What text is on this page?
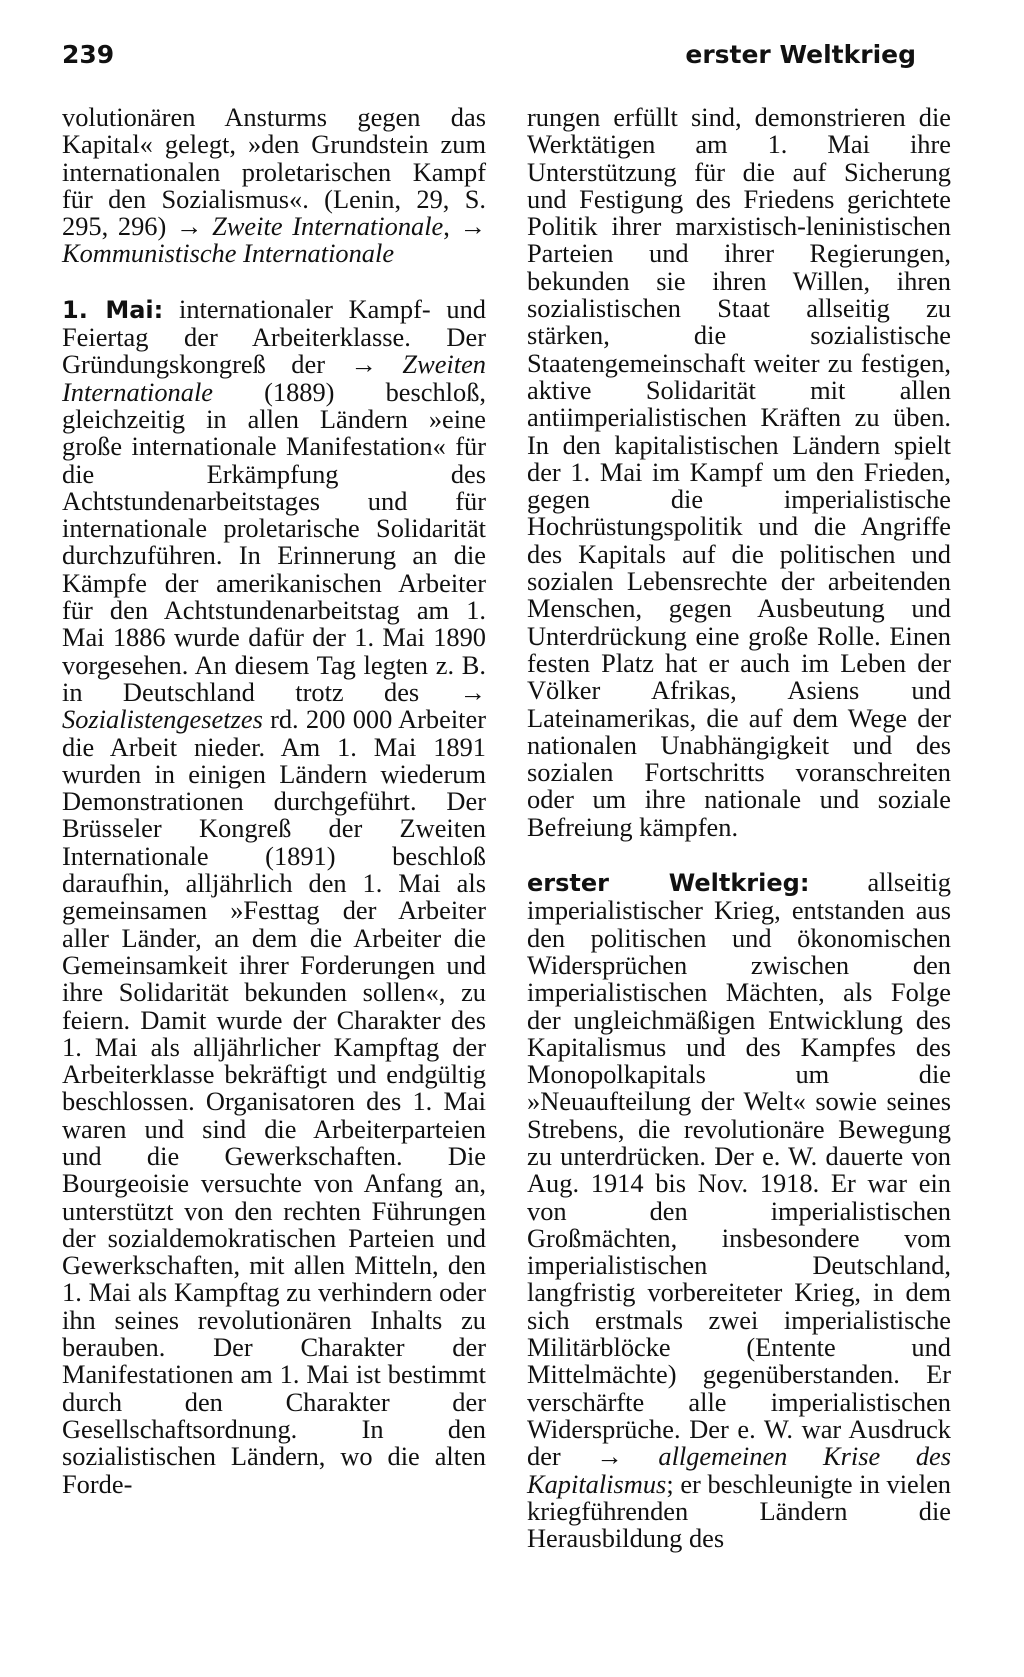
239	erster Weltkrieg

volutionären Ansturms gegen das Kapital« gelegt, »den Grundstein zum internationalen proletarischen Kampf für den Sozialismus«. (Lenin, 29, S. 295, 296) → Zweite Internationale, → Kommunistische Internationale

1. Mai: internationaler Kampf- und Feiertag der Arbeiterklasse. Der Gründungskongreß der → Zweiten Internationale (1889) beschloß, gleichzeitig in allen Ländern »eine große internationale Manifestation« für die Erkämpfung des Achtstundenarbeitstages und für internationale proletarische Solidarität durchzuführen. In Erinnerung an die Kämpfe der amerikanischen Arbeiter für den Achtstundenarbeitstag am 1. Mai 1886 wurde dafür der 1. Mai 1890 vorgesehen. An diesem Tag legten z. B. in Deutschland trotz des → Sozialistengesetzes rd. 200 000 Arbeiter die Arbeit nieder. Am 1. Mai 1891 wurden in einigen Ländern wiederum Demonstrationen durchgeführt. Der Brüsseler Kongreß der Zweiten Internationale (1891) beschloß daraufhin, alljährlich den 1. Mai als gemeinsamen »Festtag der Arbeiter aller Länder, an dem die Arbeiter die Gemeinsamkeit ihrer Forderungen und ihre Solidarität bekunden sollen«, zu feiern. Damit wurde der Charakter des 1. Mai als alljährlicher Kampftag der Arbeiterklasse bekräftigt und endgültig beschlossen. Organisatoren des 1. Mai waren und sind die Arbeiterparteien und die Gewerkschaften. Die Bourgeoisie versuchte von Anfang an, unterstützt von den rechten Führungen der sozialdemokratischen Parteien und Gewerkschaften, mit allen Mitteln, den 1. Mai als Kampftag zu verhindern oder ihn seines revolutionären Inhalts zu berauben. Der Charakter der Manifestationen am 1. Mai ist bestimmt durch den Charakter der Gesellschaftsordnung. In den sozialistischen Ländern, wo die alten Forde-

rungen erfüllt sind, demonstrieren die Werktätigen am 1. Mai ihre Unterstützung für die auf Sicherung und Festigung des Friedens gerichtete Politik ihrer marxistisch-leninistischen Parteien und ihrer Regierungen, bekunden sie ihren Willen, ihren sozialistischen Staat allseitig zu stärken, die sozialistische Staatengemeinschaft weiter zu festigen, aktive Solidarität mit allen antiimperialistischen Kräften zu üben. In den kapitalistischen Ländern spielt der 1. Mai im Kampf um den Frieden, gegen die imperialistische Hochrüstungspolitik und die Angriffe des Kapitals auf die politischen und sozialen Lebensrechte der arbeitenden Menschen, gegen Ausbeutung und Unterdrückung eine große Rolle. Einen festen Platz hat er auch im Leben der Völker Afrikas, Asiens und Lateinamerikas, die auf dem Wege der nationalen Unabhängigkeit und des sozialen Fortschritts voranschreiten oder um ihre nationale und soziale Befreiung kämpfen.

erster Weltkrieg: allseitig imperialistischer Krieg, entstanden aus den politischen und ökonomischen Widersprüchen zwischen den imperialistischen Mächten, als Folge der ungleichmäßigen Entwicklung des Kapitalismus und des Kampfes des Monopolkapitals um die »Neuaufteilung der Welt« sowie seines Strebens, die revolutionäre Bewegung zu unterdrücken. Der e. W. dauerte von Aug. 1914 bis Nov. 1918. Er war ein von den imperialistischen Großmächten, insbesondere vom imperialistischen Deutschland, langfristig vorbereiteter Krieg, in dem sich erstmals zwei imperialistische Militärblöcke (Entente und Mittelmächte) gegenüberstanden. Er verschärfte alle imperialistischen Widersprüche. Der e. W. war Ausdruck der → allgemeinen Krise des Kapitalismus; er beschleunigte in vielen kriegführenden Ländern die Herausbildung des
